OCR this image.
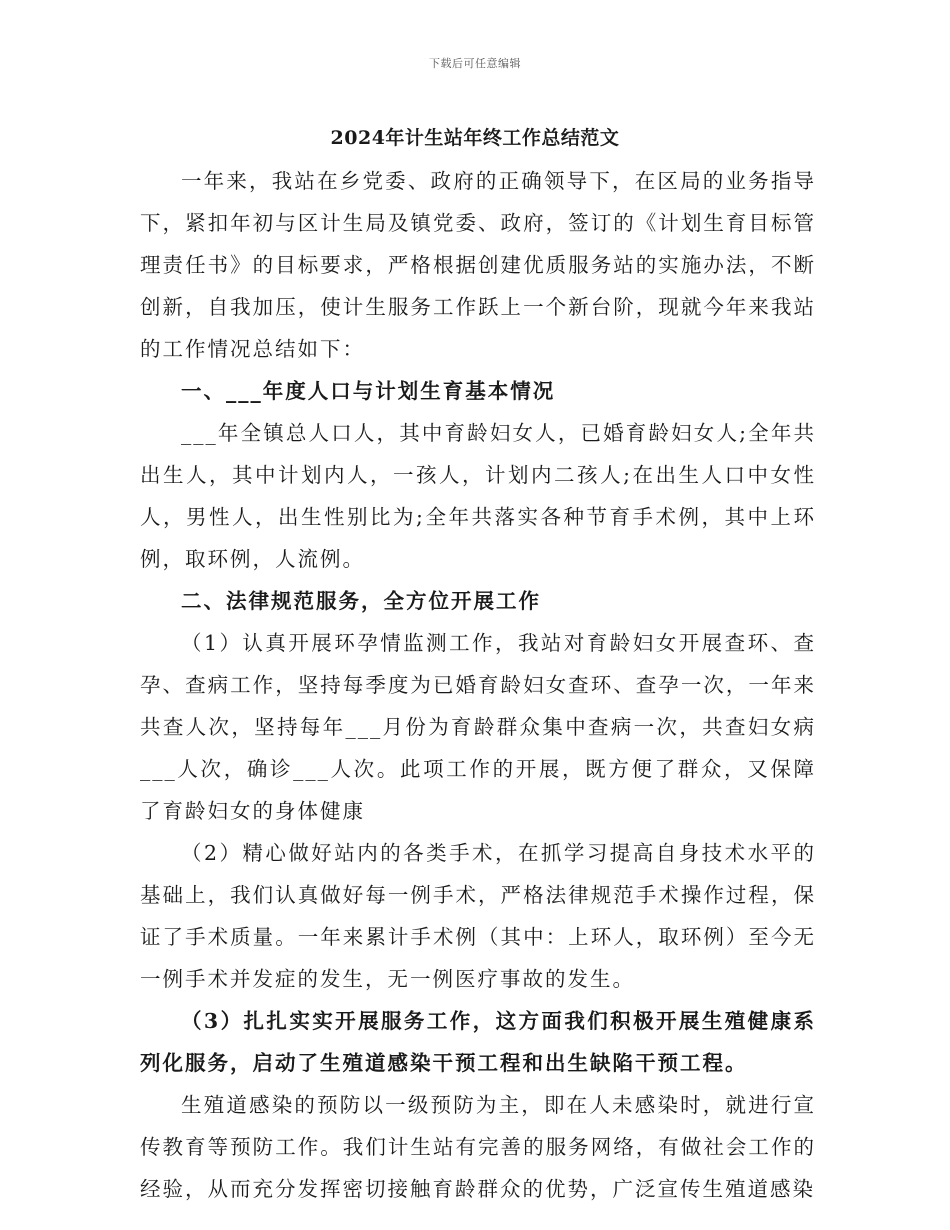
下载后可任意编辑
2024年计生站年终工作总结范文

一年来，我站在乡党委、政府的正确领导下，在区局的业务指导下，紧扣年初与区计生局及镇党委、政府，签订的《计划生育目标管理责任书》的目标要求，严格根据创建优质服务站的实施办法，不断创新，自我加压，使计生服务工作跃上一个新台阶，现就今年来我站的工作情况总结如下：

一、___年度人口与计划生育基本情况

___年全镇总人口人，其中育龄妇女人，已婚育龄妇女人;全年共出生人，其中计划内人，一孩人，计划内二孩人;在出生人口中女性人，男性人，出生性别比为;全年共落实各种节育手术例，其中上环例，取环例，人流例。

二、法律规范服务，全方位开展工作

（1）认真开展环孕情监测工作，我站对育龄妇女开展查环、查孕、查病工作，坚持每季度为已婚育龄妇女查环、查孕一次，一年来共查人次，坚持每年___月份为育龄群众集中查病一次，共查妇女病___人次，确诊___人次。此项工作的开展，既方便了群众，又保障了育龄妇女的身体健康

（2）精心做好站内的各类手术，在抓学习提高自身技术水平的基础上，我们认真做好每一例手术，严格法律规范手术操作过程，保证了手术质量。一年来累计手术例（其中：上环人，取环例）至今无一例手术并发症的发生，无一例医疗事故的发生。

（3）扎扎实实开展服务工作，这方面我们积极开展生殖健康系列化服务，启动了生殖道感染干预工程和出生缺陷干预工程。

生殖道感染的预防以一级预防为主，即在人未感染时，就进行宣传教育等预防工作。我们计生站有完善的服务网络，有做社会工作的经验，从而充分发挥密切接触育龄群众的优势，广泛宣传生殖道感染
